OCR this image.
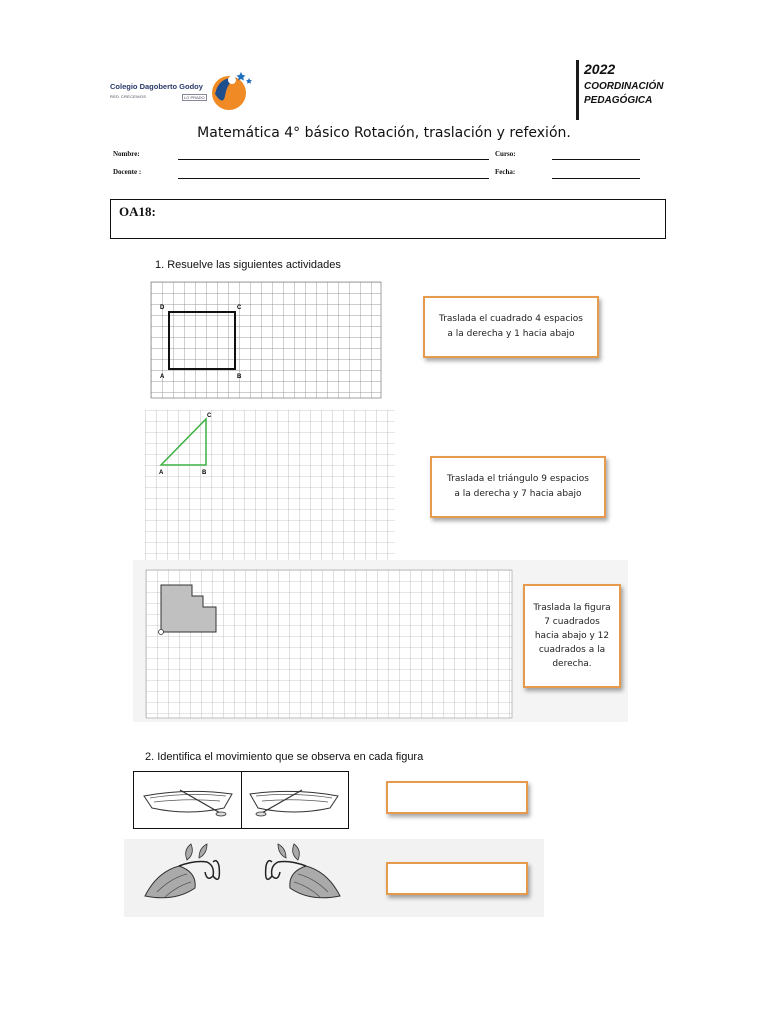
Colegio Dagoberto Godoy
RED CRECEMOS	LO PRADO
2022
COORDINACIÓN
PEDAGÓGICA
Matemática 4° básico Rotación, traslación y refexión.
Nombre:	Curso:
Docente :	Fecha:
OA18:
1. Resuelve las siguientes actividades
D	C
A	B
Traslada el cuadrado 4 espacios a la derecha y 1 hacia abajo
A	B
C
Traslada el triángulo 9 espacios a la derecha y 7 hacia abajo
Traslada la figura 7 cuadrados hacia abajo y 12 cuadrados a la derecha.
2. Identifica el movimiento que se observa en cada figura
